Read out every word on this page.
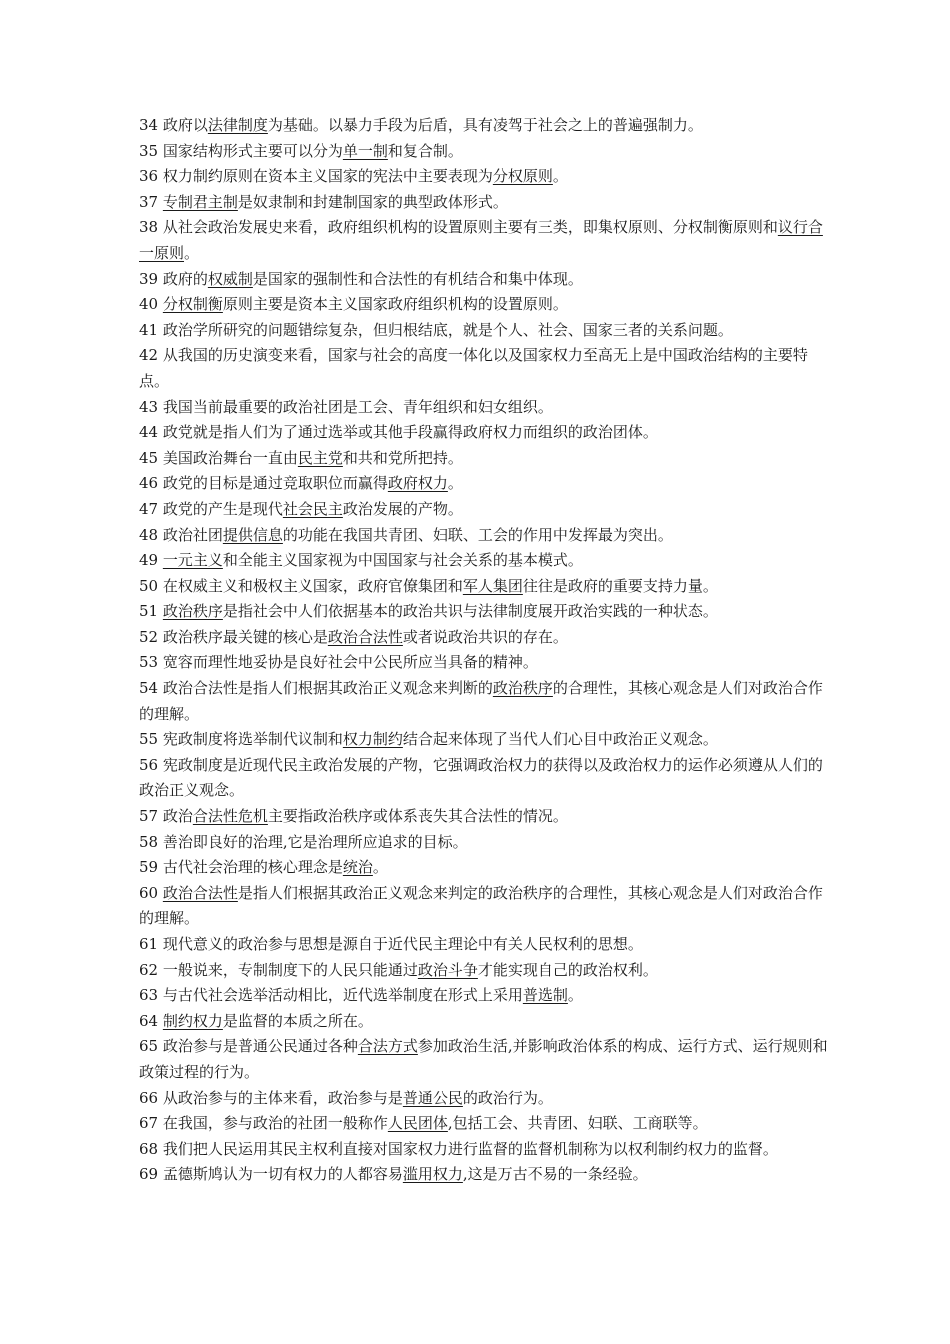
34 政府以法律制度为基础。以暴力手段为后盾，具有凌驾于社会之上的普遍强制力。

35 国家结构形式主要可以分为单一制和复合制。

36 权力制约原则在资本主义国家的宪法中主要表现为分权原则。

37 专制君主制是奴隶制和封建制国家的典型政体形式。

38 从社会政治发展史来看，政府组织机构的设置原则主要有三类，即集权原则、分权制衡原则和议行合一原则。

39 政府的权威制是国家的强制性和合法性的有机结合和集中体现。

40 分权制衡原则主要是资本主义国家政府组织机构的设置原则。

41 政治学所研究的问题错综复杂，但归根结底，就是个人、社会、国家三者的关系问题。

42 从我国的历史演变来看，国家与社会的高度一体化以及国家权力至高无上是中国政治结构的主要特点。

43 我国当前最重要的政治社团是工会、青年组织和妇女组织。

44 政党就是指人们为了通过选举或其他手段赢得政府权力而组织的政治团体。

45 美国政治舞台一直由民主党和共和党所把持。

46 政党的目标是通过竞取职位而赢得政府权力。

47 政党的产生是现代社会民主政治发展的产物。

48 政治社团提供信息的功能在我国共青团、妇联、工会的作用中发挥最为突出。

49 一元主义和全能主义国家视为中国国家与社会关系的基本模式。

50 在权威主义和极权主义国家，政府官僚集团和军人集团往往是政府的重要支持力量。

51 政治秩序是指社会中人们依据基本的政治共识与法律制度展开政治实践的一种状态。

52 政治秩序最关键的核心是政治合法性或者说政治共识的存在。

53 宽容而理性地妥协是良好社会中公民所应当具备的精神。

54 政治合法性是指人们根据其政治正义观念来判断的政治秩序的合理性，其核心观念是人们对政治合作的理解。

55 宪政制度将选举制代议制和权力制约结合起来体现了当代人们心目中政治正义观念。

56 宪政制度是近现代民主政治发展的产物，它强调政治权力的获得以及政治权力的运作必须遵从人们的政治正义观念。

57 政治合法性危机主要指政治秩序或体系丧失其合法性的情况。

58 善治即良好的治理,它是治理所应追求的目标。

59 古代社会治理的核心理念是统治。

60 政治合法性是指人们根据其政治正义观念来判定的政治秩序的合理性，其核心观念是人们对政治合作的理解。

61 现代意义的政治参与思想是源自于近代民主理论中有关人民权利的思想。

62 一般说来，专制制度下的人民只能通过政治斗争才能实现自己的政治权利。

63 与古代社会选举活动相比，近代选举制度在形式上采用普选制。

64 制约权力是监督的本质之所在。

65 政治参与是普通公民通过各种合法方式参加政治生活,并影响政治体系的构成、运行方式、运行规则和政策过程的行为。

66 从政治参与的主体来看，政治参与是普通公民的政治行为。

67 在我国，参与政治的社团一般称作人民团体,包括工会、共青团、妇联、工商联等。

68 我们把人民运用其民主权利直接对国家权力进行监督的监督机制称为以权利制约权力的监督。

69 孟德斯鸠认为一切有权力的人都容易滥用权力,这是万古不易的一条经验。
